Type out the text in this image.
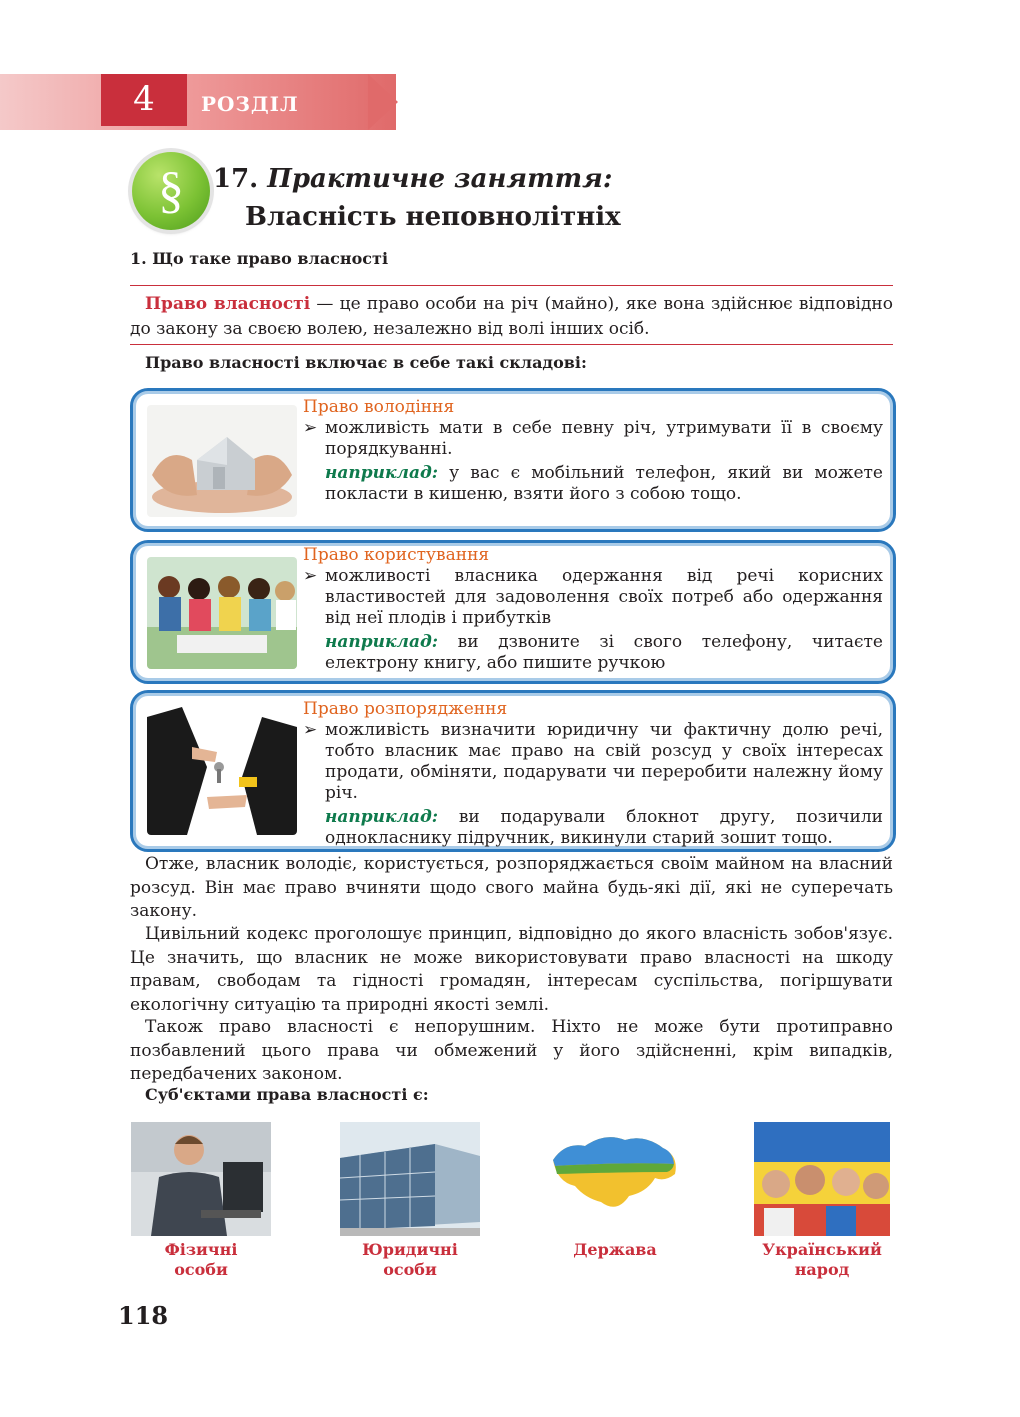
4	РОЗДІЛ
§	17. Практичне заняття:
Власність неповнолітніх
1. Що таке право власності
Право власності — це право особи на річ (майно), яке вона здійснює відповідно до закону за своєю волею, незалежно від волі інших осіб.
Право власності включає в себе такі складові:
Право володіння
➢ можливість мати в себе певну річ, утримувати її в своєму порядкуванні.
наприклад: у вас є мобільний телефон, який ви можете покласти в кишеню, взяти його з собою тощо.
Право користування
➢ можливості власника одержання від речі корисних властивостей для задоволення своїх потреб або одержання від неї плодів і прибутків
наприклад: ви дзвоните зі свого телефону, читаєте електрону книгу, або пишите ручкою
Право розпорядження
➢ можливість визначити юридичну чи фактичну долю речі, тобто власник має право на свій розсуд у своїх інтересах продати, обміняти, подарувати чи переробити належну йому річ.
наприклад: ви подарували блокнот другу, позичили однокласнику підручник, викинули старий зошит тощо.
Отже, власник володіє, користується, розпоряджається своїм майном на власний розсуд. Він має право вчиняти щодо свого майна будь-які дії, які не суперечать закону.
Цивільний кодекс проголошує принцип, відповідно до якого власність зобов'язує. Це значить, що власник не може використовувати право власності на шкоду правам, свободам та гідності громадян, інтересам суспільства, погіршувати екологічну ситуацію та природні якості землі.
Також право власності є непорушним. Ніхто не може бути протиправно позбавлений цього права чи обмежений у його здійсненні, крім випадків, передбачених законом.
Суб'єктами права власності є:
Фізичні
особи
Юридичні
особи
Держава	Український
народ
118
